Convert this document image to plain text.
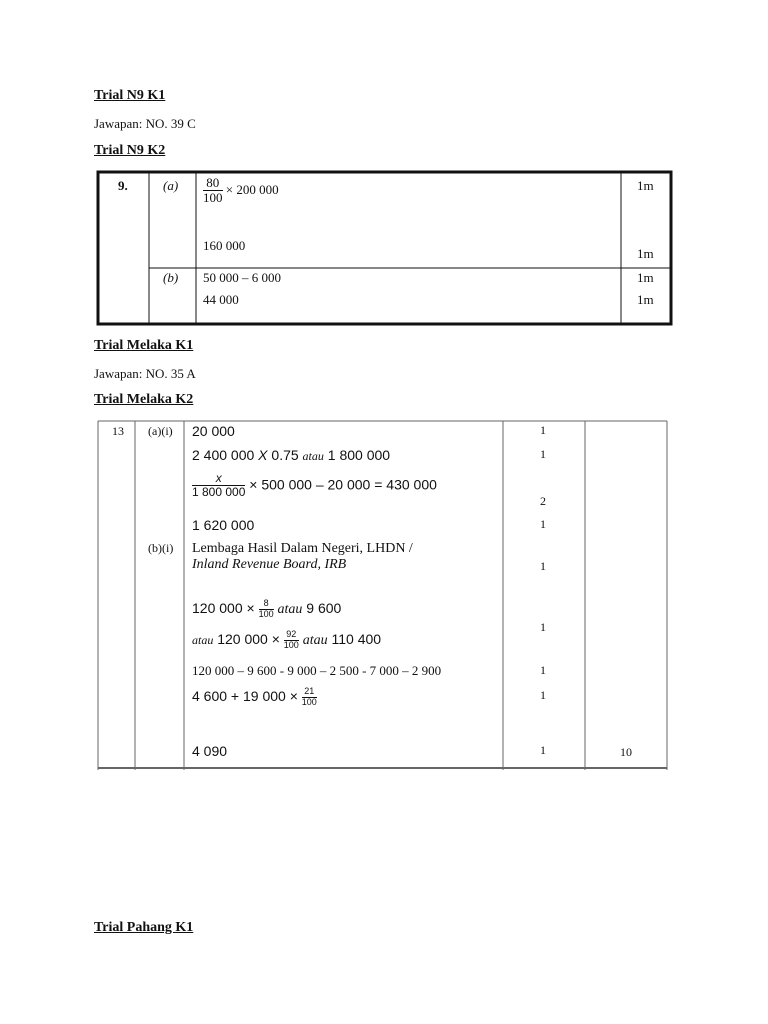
Trial N9 K1
Jawapan: NO. 39 C
Trial N9 K2
9.	$(a) \frac{80}{100} \times 200$ 000
160 000
(b) 50 000 – 6 000
44 000
1m
1m
1m
1m
Trial Melaka K1
Jawapan: NO. 35 A
Trial Melaka K2
13 (a)(i)
(b)(i)
20 000
2 400 000 X 0.75 atau 1 800 000
$\frac{x}{1 800 000} \times 500$ 000 – 20 000 = 430 000
1 620 000
Lembaga Hasil Dalam Negeri, LHDN /
Inland Revenue Board, IRB
120 $000 \times \frac{8}{100}$ atau 9 600
atau 120 $000 \times \frac{92}{100}$ atau 110 400
120 000 – 9 600 - 9 000 – 2 500 - 7 000 – 2 900
4 600 + 19 $000 \times \frac{21}{100}$
4 090
1
1
2
1
1
1
1
1
1	10
Trial Pahang K1
